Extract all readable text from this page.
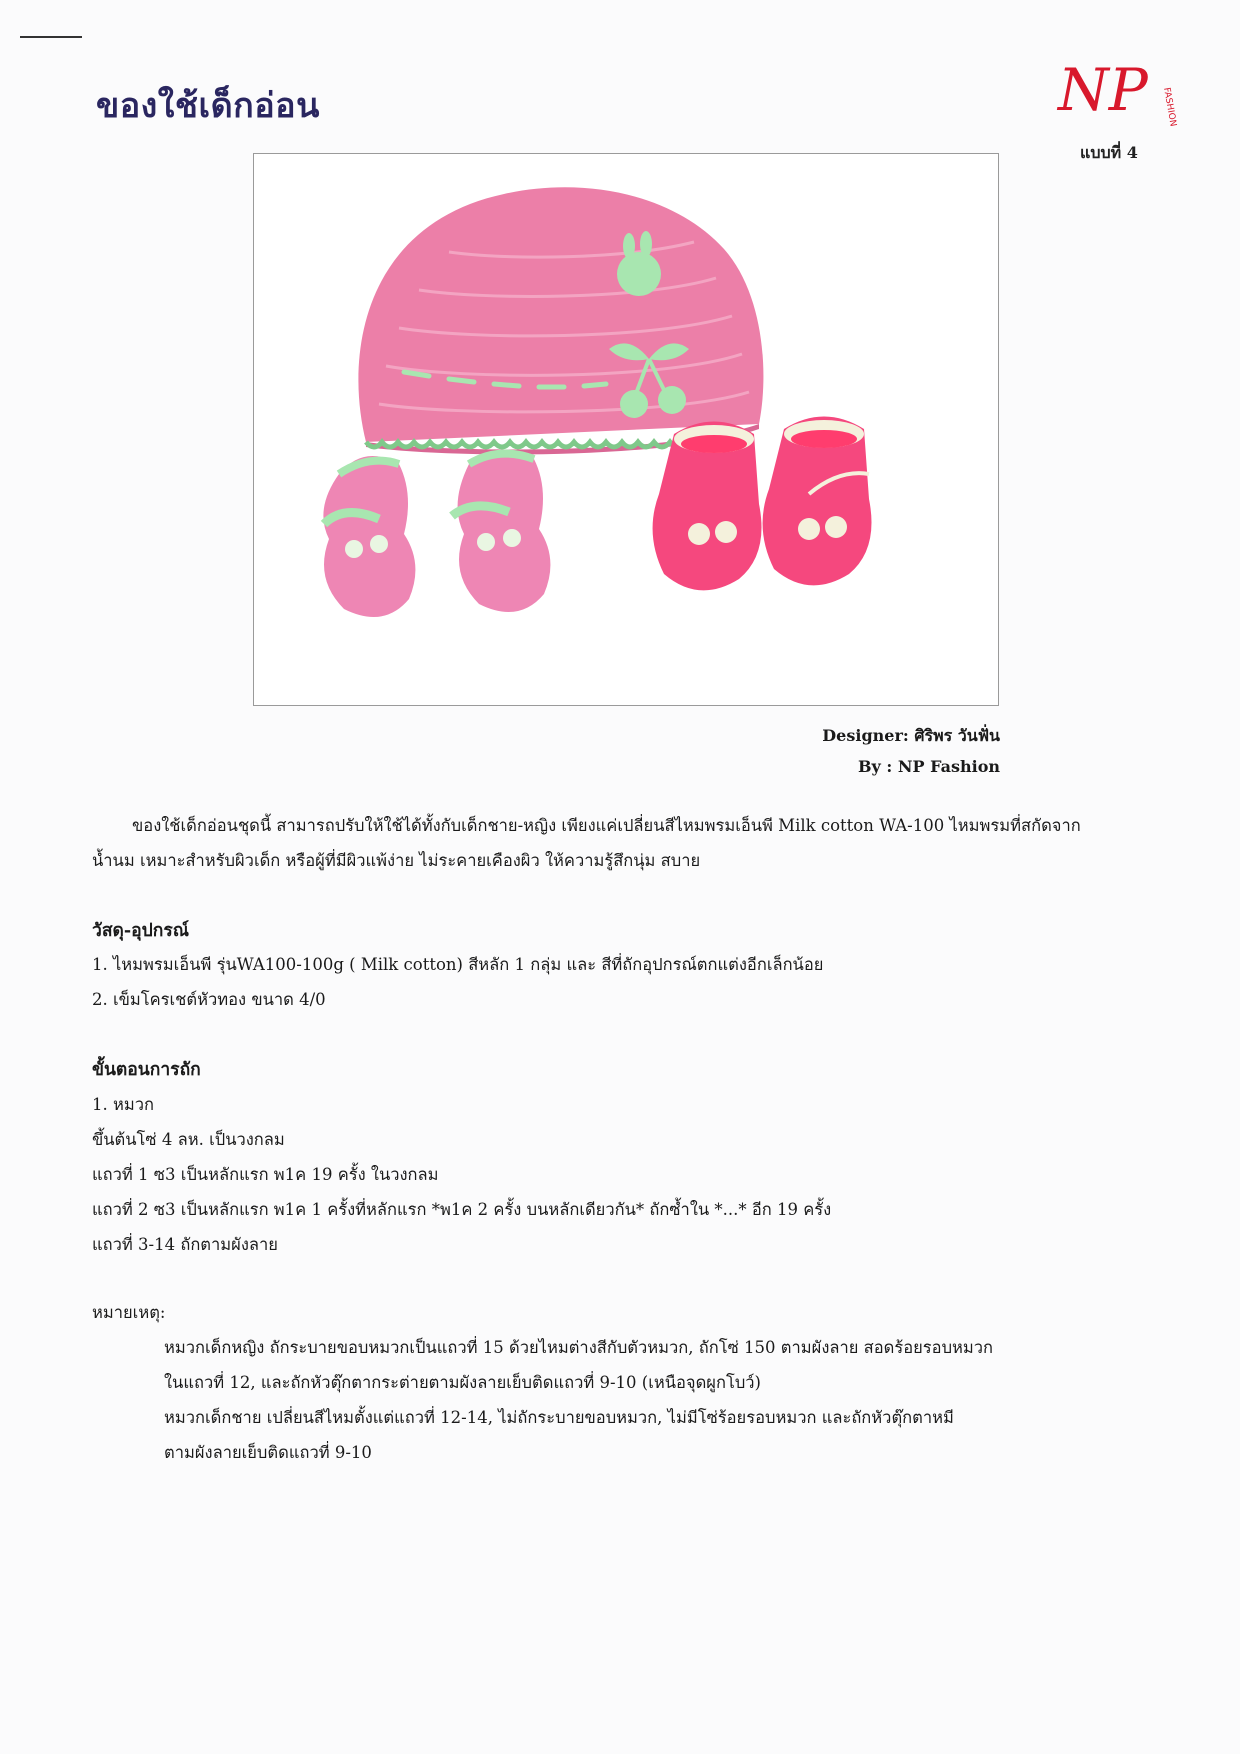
ของใช้เด็กอ่อน	NP FASHION
แบบที่ 4
Designer: ศิริพร วันฟั่น
By : NP Fashion

ของใช้เด็กอ่อนชุดนี้ สามารถปรับให้ใช้ได้ทั้งกับเด็กชาย-หญิง เพียงแค่เปลี่ยนสีไหมพรมเอ็นพี Milk cotton WA-100 ไหมพรมที่สกัดจากน้ำนม เหมาะสำหรับผิวเด็ก หรือผู้ที่มีผิวแพ้ง่าย ไม่ระคายเคืองผิว ให้ความรู้สึกนุ่ม สบาย

วัสดุ-อุปกรณ์
1. ไหมพรมเอ็นพี รุ่นWA100-100g ( Milk cotton) สีหลัก 1 กลุ่ม และ สีที่ถักอุปกรณ์ตกแต่งอีกเล็กน้อย
2. เข็มโครเชต์หัวทอง ขนาด 4/0
ขั้นตอนการถัก
1. หมวก
ขึ้นต้นโซ่ 4 ลห. เป็นวงกลม
แถวที่ 1 ซ3 เป็นหลักแรก พ1ค 19 ครั้ง ในวงกลม
แถวที่ 2 ซ3 เป็นหลักแรก พ1ค 1 ครั้งที่หลักแรก *พ1ค 2 ครั้ง บนหลักเดียวกัน* ถักซ้ำใน *...* อีก 19 ครั้ง
แถวที่ 3-14 ถักตามผังลาย
หมายเหตุ:
หมวกเด็กหญิง ถักระบายขอบหมวกเป็นแถวที่ 15 ด้วยไหมต่างสีกับตัวหมวก, ถักโซ่ 150 ตามผังลาย สอดร้อยรอบหมวก
ในแถวที่ 12, และถักหัวตุ๊กตากระต่ายตามผังลายเย็บติดแถวที่ 9-10 (เหนือจุดผูกโบว์)
หมวกเด็กชาย เปลี่ยนสีไหมตั้งแต่แถวที่ 12-14, ไม่ถักระบายขอบหมวก, ไม่มีโซ่ร้อยรอบหมวก และถักหัวตุ๊กตาหมี
ตามผังลายเย็บติดแถวที่ 9-10
